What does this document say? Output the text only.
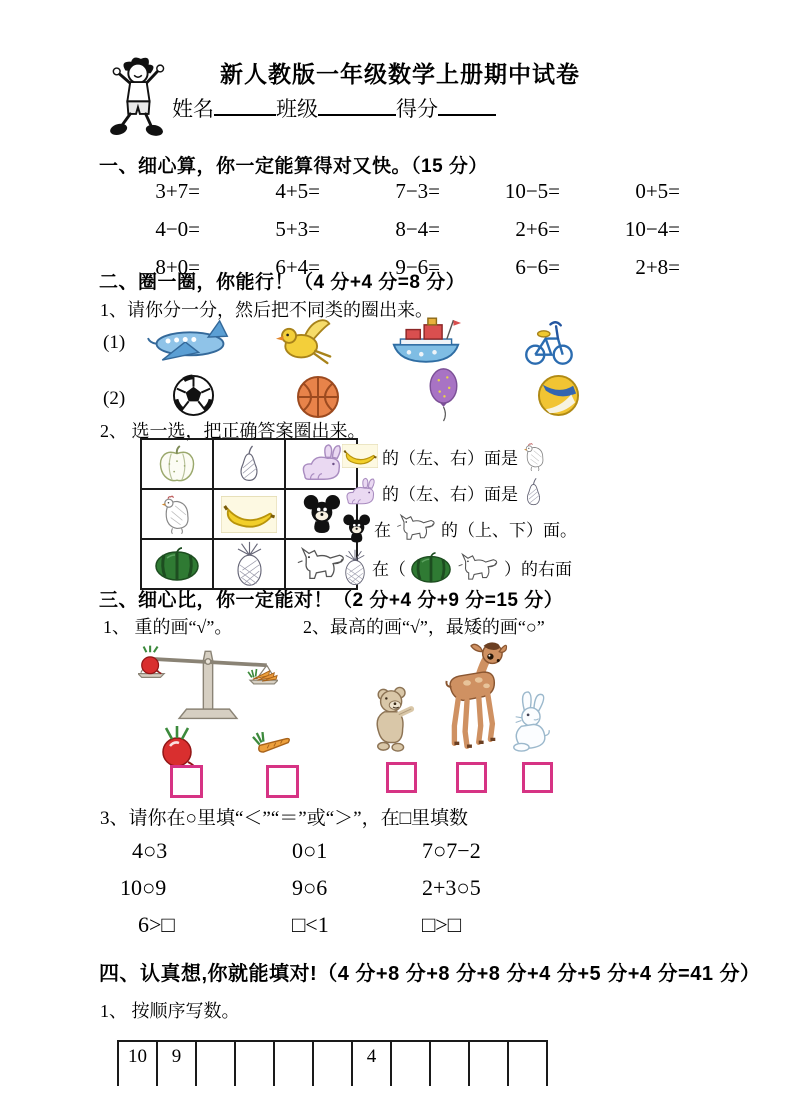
新人教版一年级数学上册期中试卷
姓名	班级	得分
一、细心算，你一定能算得对又快。（15 分）
3+7=	4+5=	7−3=	10−5=	0+5=
4−0=	5+3=	8−4=	2+6=	10−4=
8+0=	6+4=	9−6=	6−6=	2+8=
二、圈一圈，你能行！（4 分+4 分=8 分）
1、请你分一分，然后把不同类的圈出来。
(1)
(2)
2、 选一选，把正确答案圈出来。

的（左、右）面是
的（左、右）面是
在	的（上、下）面。
在（	）的右面
三、细心比，你一定能对！（2 分+4 分+9 分=15 分）
1、 重的画“√”。	2、最高的画“√”，最矮的画“○”
3、请你在○里填“＜”“＝”或“＞”，在□里填数
4○3	0○1	7○7−2
10○9	9○6	2+3○5
6>□	□<1	□>□
四、认真想,你就能填对!（4 分+8 分+8 分+8 分+4 分+5 分+4 分=41 分）
1、 按顺序写数。
10	9	4
